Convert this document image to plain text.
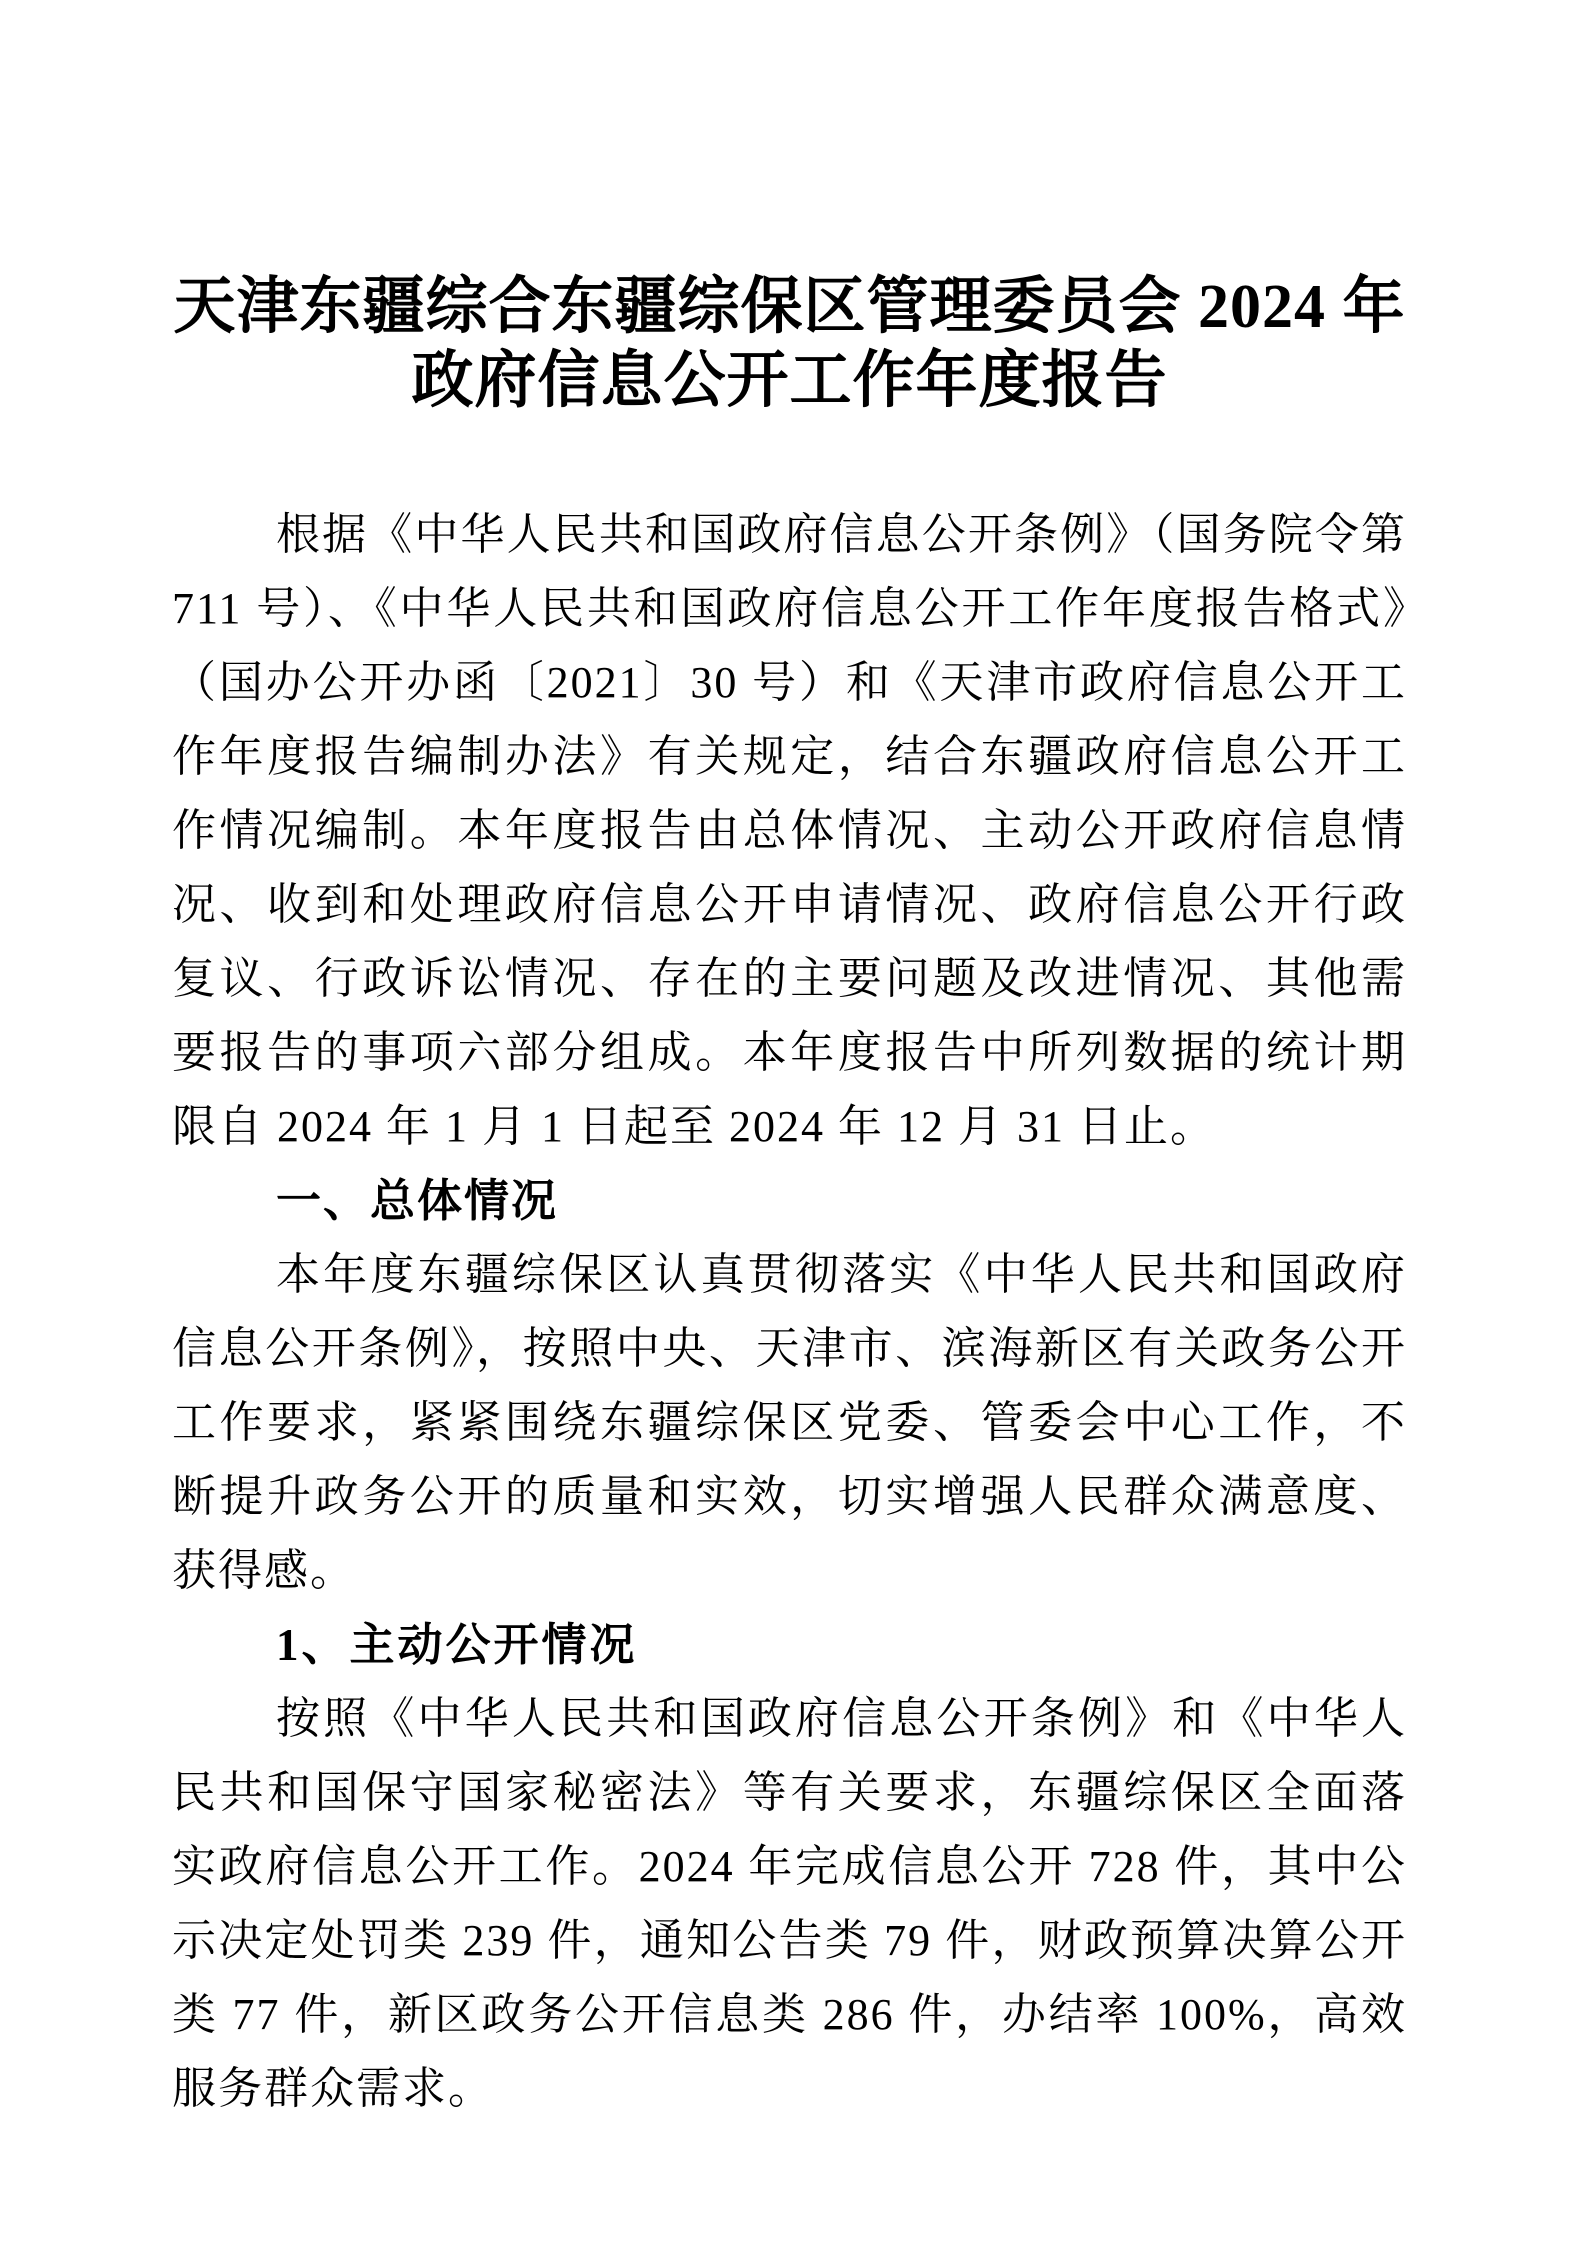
天津东疆综合东疆综保区管理委员会 2024 年
政府信息公开工作年度报告

根据《中华人民共和国政府信息公开条例》（国务院令第 711 号）、《中华人民共和国政府信息公开工作年度报告格式》（国办公开办函〔2021〕30 号）和《天津市政府信息公开工作年度报告编制办法》有关规定，结合东疆政府信息公开工作情况编制。本年度报告由总体情况、主动公开政府信息情况、收到和处理政府信息公开申请情况、政府信息公开行政复议、行政诉讼情况、存在的主要问题及改进情况、其他需要报告的事项六部分组成。本年度报告中所列数据的统计期限自 2024 年 1 月 1 日起至 2024 年 12 月 31 日止。

一、总体情况

本年度东疆综保区认真贯彻落实《中华人民共和国政府信息公开条例》，按照中央、天津市、滨海新区有关政务公开工作要求，紧紧围绕东疆综保区党委、管委会中心工作，不断提升政务公开的质量和实效，切实增强人民群众满意度、获得感。

1、主动公开情况

按照《中华人民共和国政府信息公开条例》和《中华人民共和国保守国家秘密法》等有关要求，东疆综保区全面落实政府信息公开工作。2024 年完成信息公开 728 件，其中公示决定处罚类 239 件，通知公告类 79 件，财政预算决算公开类 77 件，新区政务公开信息类 286 件，办结率 100%，高效服务群众需求。
